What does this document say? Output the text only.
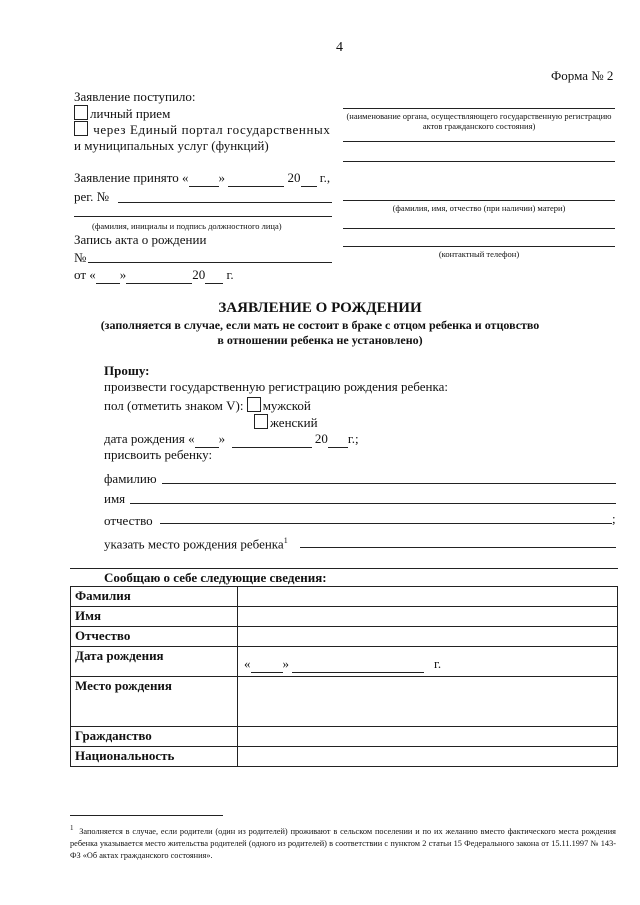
4
Форма № 2
Заявление поступило:
личный прием
через Единый портал государственных
и муниципальных услуг (функций)
Заявление принято « »	20 г.,
рег. №
(фамилия, инициалы и подпись должностного лица)
Запись акта о рождении
№
от « »	20 г.
(наименование органа, осуществляющего государственную регистрацию актов гражданского состояния)
(фамилия, имя, отчество (при наличии) матери)
(контактный телефон)
ЗАЯВЛЕНИЕ О РОЖДЕНИИ
(заполняется в случае, если мать не состоит в браке с отцом ребенка и отцовство
в отношении ребенка не установлено)
Прошу:
произвести государственную регистрацию рождения ребенка:
пол (отметить знаком V): мужской
женский
дата рождения « »	20 г.;
присвоить ребенку:
фамилию
имя
отчество	;
указать место рождения ребенка$^1$
Сообщаю о себе следующие сведения:
Фамилия	
Имя	
Отчество	
Дата рождения	« » г.
Место рождения	
Гражданство	
Национальность	
$^1$ Заполняется в случае, если родители (один из родителей) проживают в сельском поселении и по их желанию вместо фактического места рождения ребенка указывается место жительства родителей (одного из родителей) в соответствии с пунктом 2 статьи 15 Федерального закона от 15.11.1997 № 143-ФЗ «Об актах гражданского состояния».
